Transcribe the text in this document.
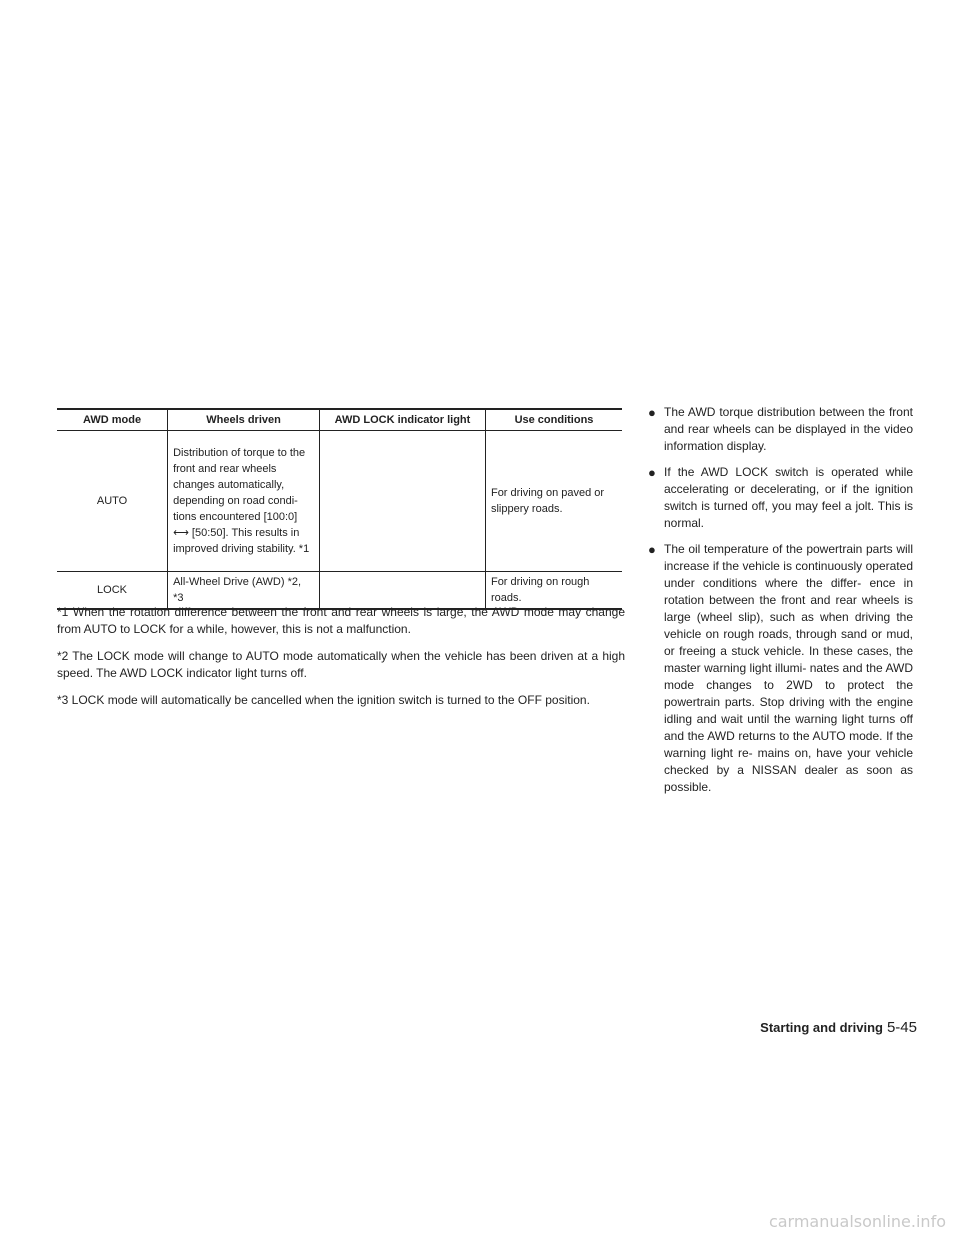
AWD mode	Wheels driven	AWD LOCK indicator light	Use conditions
AUTO	Distribution of torque to the front and rear wheels changes automatically, depending on road condi- tions encountered [100:0] ⟷ [50:50]. This results in improved driving stability. *1		For driving on paved or slippery roads.
LOCK	All-Wheel Drive (AWD) *2, *3		For driving on rough roads.

*1 When the rotation difference between the front and rear wheels is large, the AWD mode may change from AUTO to LOCK for a while, however, this is not a malfunction.

*2 The LOCK mode will change to AUTO mode automatically when the vehicle has been driven at a high speed. The AWD LOCK indicator light turns off.

*3 LOCK mode will automatically be cancelled when the ignition switch is turned to the OFF position.

● The AWD torque distribution between the front and rear wheels can be displayed in the video information display.
● If the AWD LOCK switch is operated while accelerating or decelerating, or if the ignition switch is turned off, you may feel a jolt. This is normal.
● The oil temperature of the powertrain parts will increase if the vehicle is continuously operated under conditions where the differ- ence in rotation between the front and rear wheels is large (wheel slip), such as when driving the vehicle on rough roads, through sand or mud, or freeing a stuck vehicle. In these cases, the master warning light illumi- nates and the AWD mode changes to 2WD to protect the powertrain parts. Stop driving with the engine idling and wait until the warning light turns off and the AWD returns to the AUTO mode. If the warning light re- mains on, have your vehicle checked by a NISSAN dealer as soon as possible.
Starting and driving 5-45
carmanualsonline.info
